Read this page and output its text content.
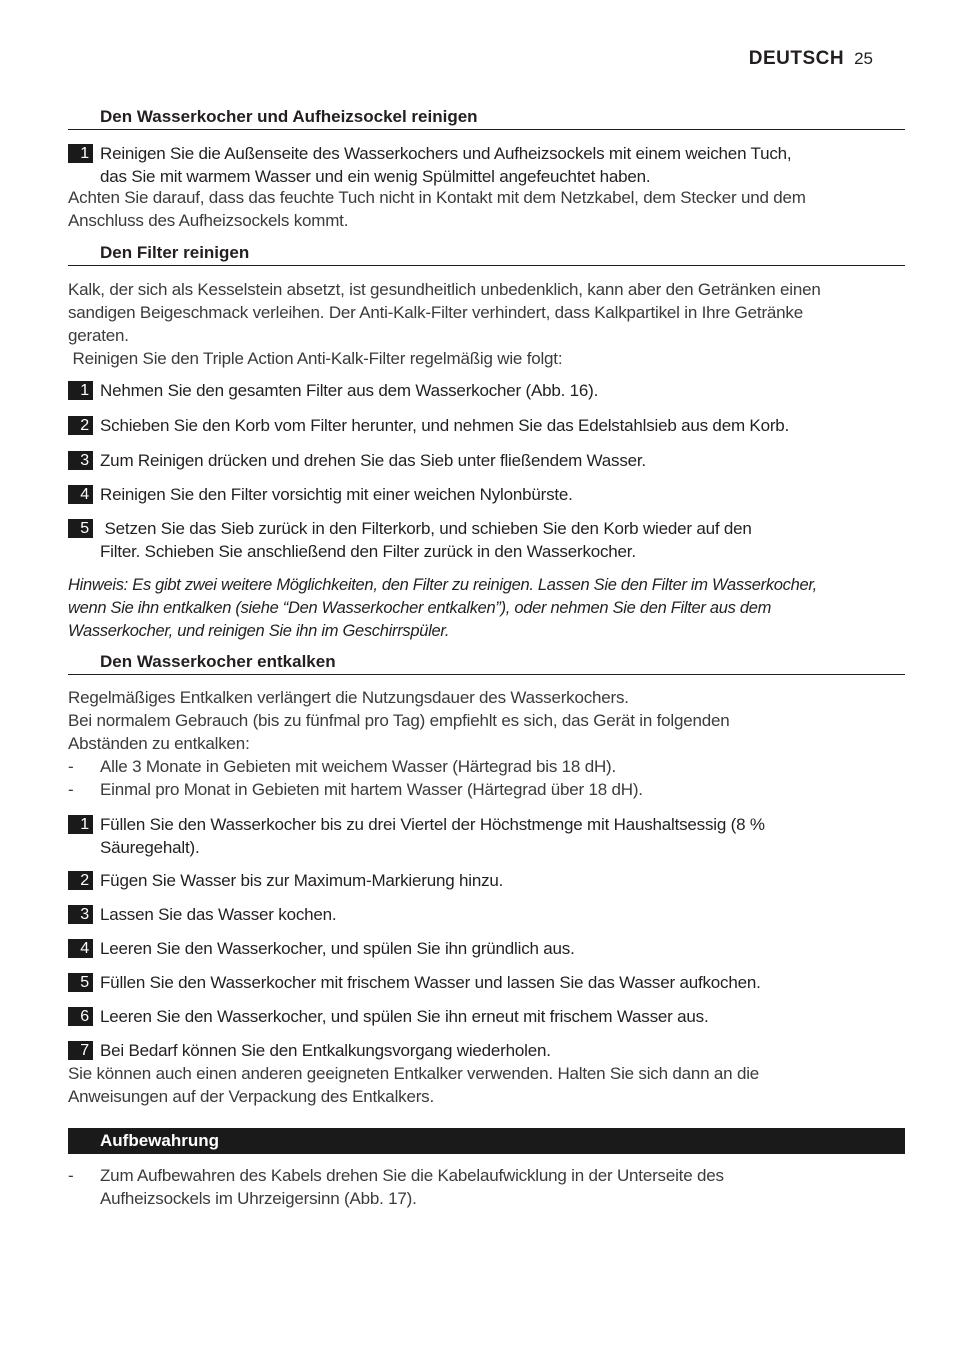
DEUTSCH 25
Den Wasserkocher und Aufheizsockel reinigen
1 Reinigen Sie die Außenseite des Wasserkochers und Aufheizsockels mit einem weichen Tuch,
das Sie mit warmem Wasser und ein wenig Spülmittel angefeuchtet haben.
Achten Sie darauf, dass das feuchte Tuch nicht in Kontakt mit dem Netzkabel, dem Stecker und dem
Anschluss des Aufheizsockels kommt.
Den Filter reinigen
Kalk, der sich als Kesselstein absetzt, ist gesundheitlich unbedenklich, kann aber den Getränken einen
sandigen Beigeschmack verleihen. Der Anti-Kalk-Filter verhindert, dass Kalkpartikel in Ihre Getränke
geraten.
Reinigen Sie den Triple Action Anti-Kalk-Filter regelmäßig wie folgt:
1 Nehmen Sie den gesamten Filter aus dem Wasserkocher (Abb. 16).
2 Schieben Sie den Korb vom Filter herunter, und nehmen Sie das Edelstahlsieb aus dem Korb.
3 Zum Reinigen drücken und drehen Sie das Sieb unter fließendem Wasser.
4 Reinigen Sie den Filter vorsichtig mit einer weichen Nylonbürste.
5 Setzen Sie das Sieb zurück in den Filterkorb, und schieben Sie den Korb wieder auf den
Filter. Schieben Sie anschließend den Filter zurück in den Wasserkocher.
Hinweis: Es gibt zwei weitere Möglichkeiten, den Filter zu reinigen. Lassen Sie den Filter im Wasserkocher,
wenn Sie ihn entkalken (siehe “Den Wasserkocher entkalken”), oder nehmen Sie den Filter aus dem
Wasserkocher, und reinigen Sie ihn im Geschirrspüler.
Den Wasserkocher entkalken
Regelmäßiges Entkalken verlängert die Nutzungsdauer des Wasserkochers.
Bei normalem Gebrauch (bis zu fünfmal pro Tag) empfiehlt es sich, das Gerät in folgenden
Abständen zu entkalken:
- Alle 3 Monate in Gebieten mit weichem Wasser (Härtegrad bis 18 dH).
- Einmal pro Monat in Gebieten mit hartem Wasser (Härtegrad über 18 dH).
1 Füllen Sie den Wasserkocher bis zu drei Viertel der Höchstmenge mit Haushaltsessig (8 %
Säuregehalt).
2 Fügen Sie Wasser bis zur Maximum-Markierung hinzu.
3 Lassen Sie das Wasser kochen.
4 Leeren Sie den Wasserkocher, und spülen Sie ihn gründlich aus.
5 Füllen Sie den Wasserkocher mit frischem Wasser und lassen Sie das Wasser aufkochen.
6 Leeren Sie den Wasserkocher, und spülen Sie ihn erneut mit frischem Wasser aus.
7 Bei Bedarf können Sie den Entkalkungsvorgang wiederholen.
Sie können auch einen anderen geeigneten Entkalker verwenden. Halten Sie sich dann an die
Anweisungen auf der Verpackung des Entkalkers.
Aufbewahrung
- Zum Aufbewahren des Kabels drehen Sie die Kabelaufwicklung in der Unterseite des
Aufheizsockels im Uhrzeigersinn (Abb. 17).
